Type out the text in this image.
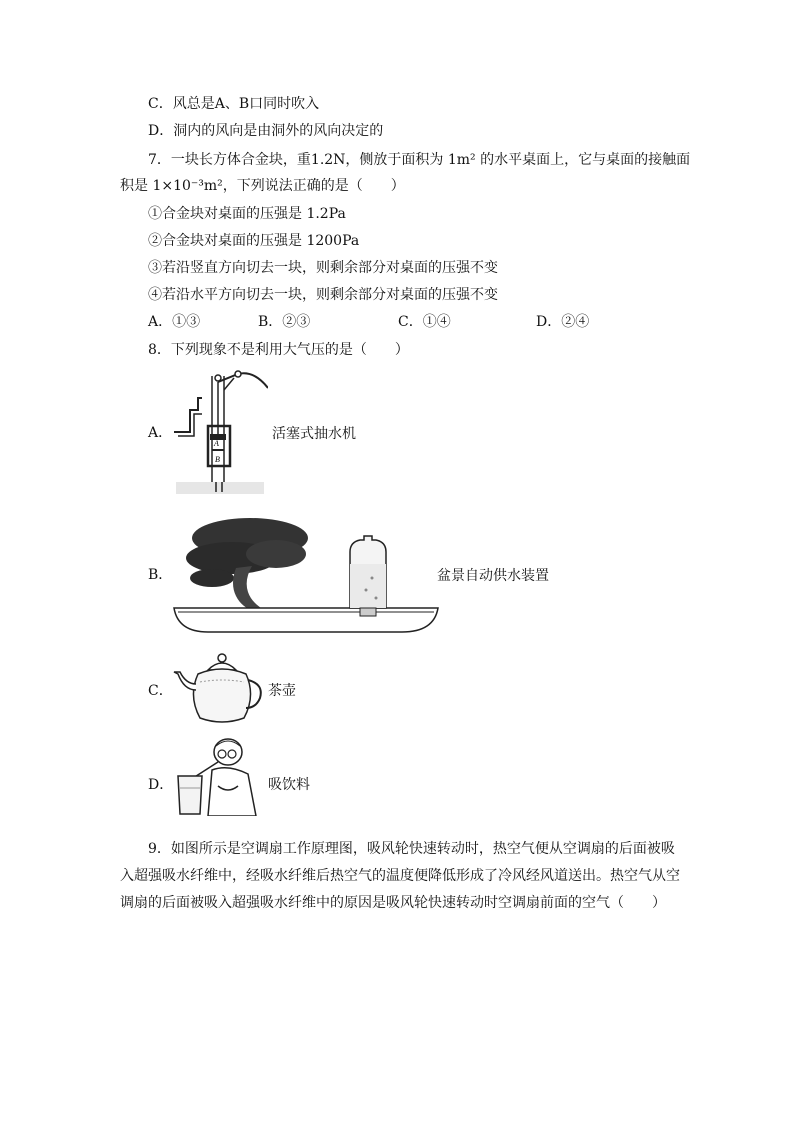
C．风总是A、B口同时吹入
D．洞内的风向是由洞外的风向决定的
7．一块长方体合金块，重1.2N，侧放于面积为 1m² 的水平桌面上，它与桌面的接触面
积是 1×10⁻³m²，下列说法正确的是（　　）
①合金块对桌面的压强是 1.2Pa
②合金块对桌面的压强是 1200Pa
③若沿竖直方向切去一块，则剩余部分对桌面的压强不变
④若沿水平方向切去一块，则剩余部分对桌面的压强不变
A．①③	B．②③	C．①④	D．②④
8．下列现象不是利用大气压的是（　　）
A．
A
B
活塞式抽水机
B．	盆景自动供水装置
C．	茶壶
D．	吸饮料
9．如图所示是空调扇工作原理图，吸风轮快速转动时，热空气便从空调扇的后面被吸
入超强吸水纤维中，经吸水纤维后热空气的温度便降低形成了冷风经风道送出。热空气从空
调扇的后面被吸入超强吸水纤维中的原因是吸风轮快速转动时空调扇前面的空气（　　）
